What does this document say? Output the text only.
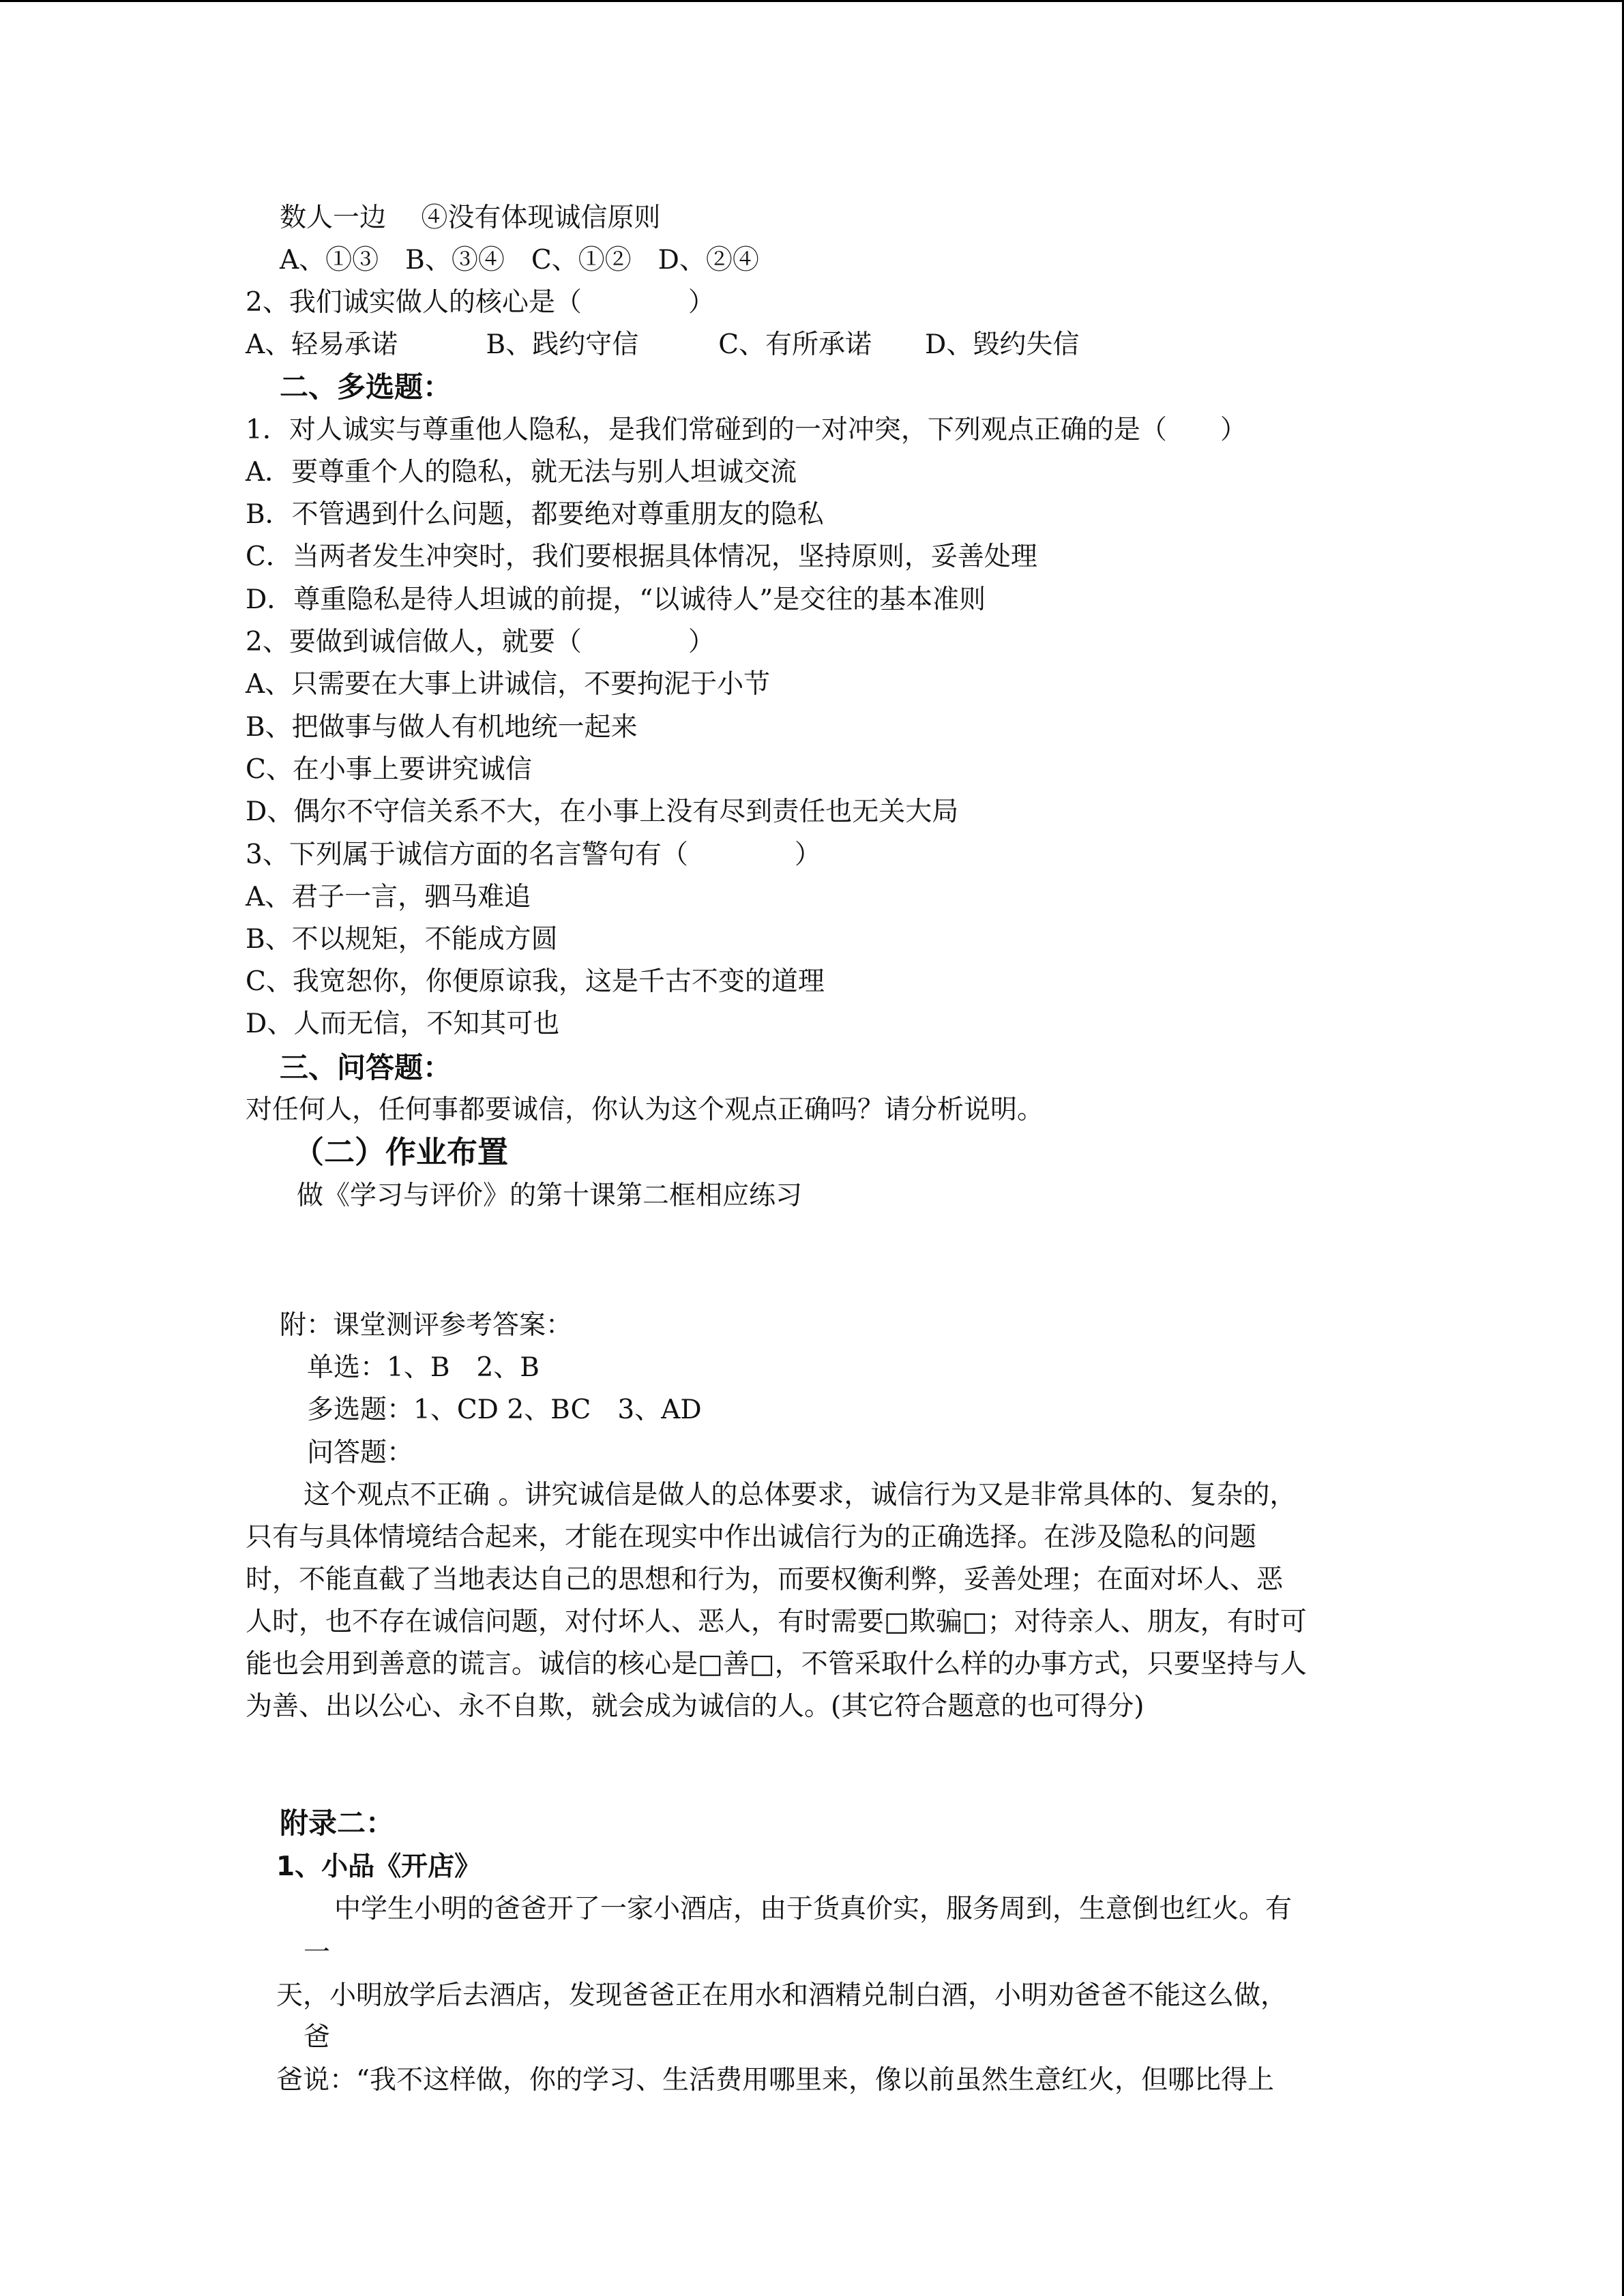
数人一边　 ④没有体现诚信原则
A、①③　B、③④　C、①②　D、②④
2、我们诚实做人的核心是（　　　　）
A、轻易承诺　　　 B、践约守信　　　C、有所承诺　　D、毁约失信
二、多选题：
1．对人诚实与尊重他人隐私，是我们常碰到的一对冲突，下列观点正确的是（　　）
A．要尊重个人的隐私，就无法与别人坦诚交流
B．不管遇到什么问题，都要绝对尊重朋友的隐私
C．当两者发生冲突时，我们要根据具体情况，坚持原则，妥善处理
D．尊重隐私是待人坦诚的前提，“以诚待人”是交往的基本准则
2、要做到诚信做人，就要（　　　　）
A、只需要在大事上讲诚信，不要拘泥于小节
B、把做事与做人有机地统一起来
C、在小事上要讲究诚信
D、偶尔不守信关系不大，在小事上没有尽到责任也无关大局
3、下列属于诚信方面的名言警句有（　　　　）
A、君子一言，驷马难追
B、不以规矩，不能成方圆
C、我宽恕你，你便原谅我，这是千古不变的道理
D、人而无信，不知其可也
三、问答题：
对任何人，任何事都要诚信，你认为这个观点正确吗？请分析说明。
（二）作业布置
做《学习与评价》的第十课第二框相应练习
附：课堂测评参考答案：
单选：1、B　2、B
多选题：1、CD 2、BC　3、AD
问答题：
这个观点不正确 。讲究诚信是做人的总体要求，诚信行为又是非常具体的、复杂的，
只有与具体情境结合起来，才能在现实中作出诚信行为的正确选择。在涉及隐私的问题
时，不能直截了当地表达自己的思想和行为，而要权衡利弊，妥善处理；在面对坏人、恶
人时，也不存在诚信问题，对付坏人、恶人，有时需要□欺骗□；对待亲人、朋友，有时可
能也会用到善意的谎言。诚信的核心是□善□，不管采取什么样的办事方式，只要坚持与人
为善、出以公心、永不自欺，就会成为诚信的人。(其它符合题意的也可得分)
附录二：
1、小品《开店》
中学生小明的爸爸开了一家小酒店，由于货真价实，服务周到，生意倒也红火。有
一
天，小明放学后去酒店，发现爸爸正在用水和酒精兑制白酒，小明劝爸爸不能这么做，
爸
爸说：“我不这样做，你的学习、生活费用哪里来，像以前虽然生意红火，但哪比得上
